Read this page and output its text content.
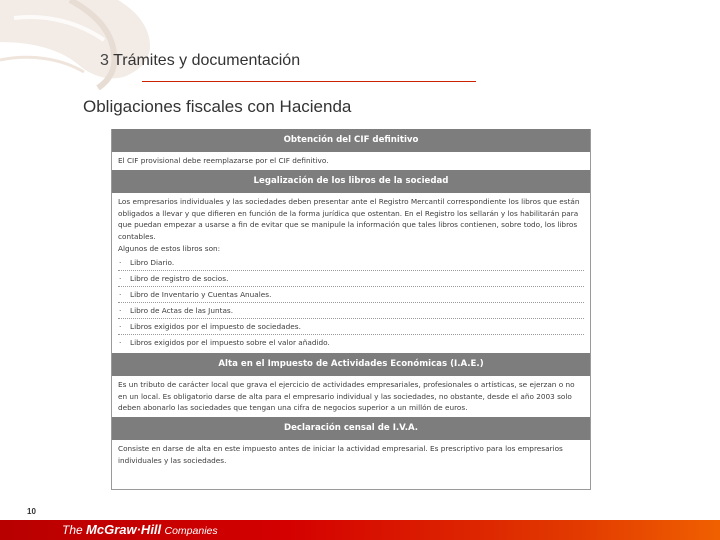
3 Trámites y documentación
Obligaciones fiscales con Hacienda
Obtención del CIF definitivo

El CIF provisional debe reemplazarse por el CIF definitivo.

Legalización de los libros de la sociedad

Los empresarios individuales y las sociedades deben presentar ante el Registro Mercantil correspondiente los libros que están obligados a llevar y que difieren en función de la forma jurídica que ostentan. En el Registro los sellarán y los habilitarán para que puedan empezar a usarse a fin de evitar que se manipule la información que tales libros contienen, sobre todo, los libros contables.

Algunos de estos libros son:

· Libro Diario.
· Libro de registro de socios.
· Libro de Inventario y Cuentas Anuales.
· Libro de Actas de las Juntas.
· Libros exigidos por el impuesto de sociedades.
· Libros exigidos por el impuesto sobre el valor añadido.
Alta en el Impuesto de Actividades Económicas (I.A.E.)

Es un tributo de carácter local que grava el ejercicio de actividades empresariales, profesionales o artísticas, se ejerzan o no en un local. Es obligatorio darse de alta para el empresario individual y las sociedades, no obstante, desde el año 2003 solo deben abonarlo las sociedades que tengan una cifra de negocios superior a un millón de euros.

Declaración censal de I.V.A.

Consiste en darse de alta en este impuesto antes de iniciar la actividad empresarial. Es prescriptivo para los empresarios individuales y las sociedades.

10
The McGraw·Hill Companies
